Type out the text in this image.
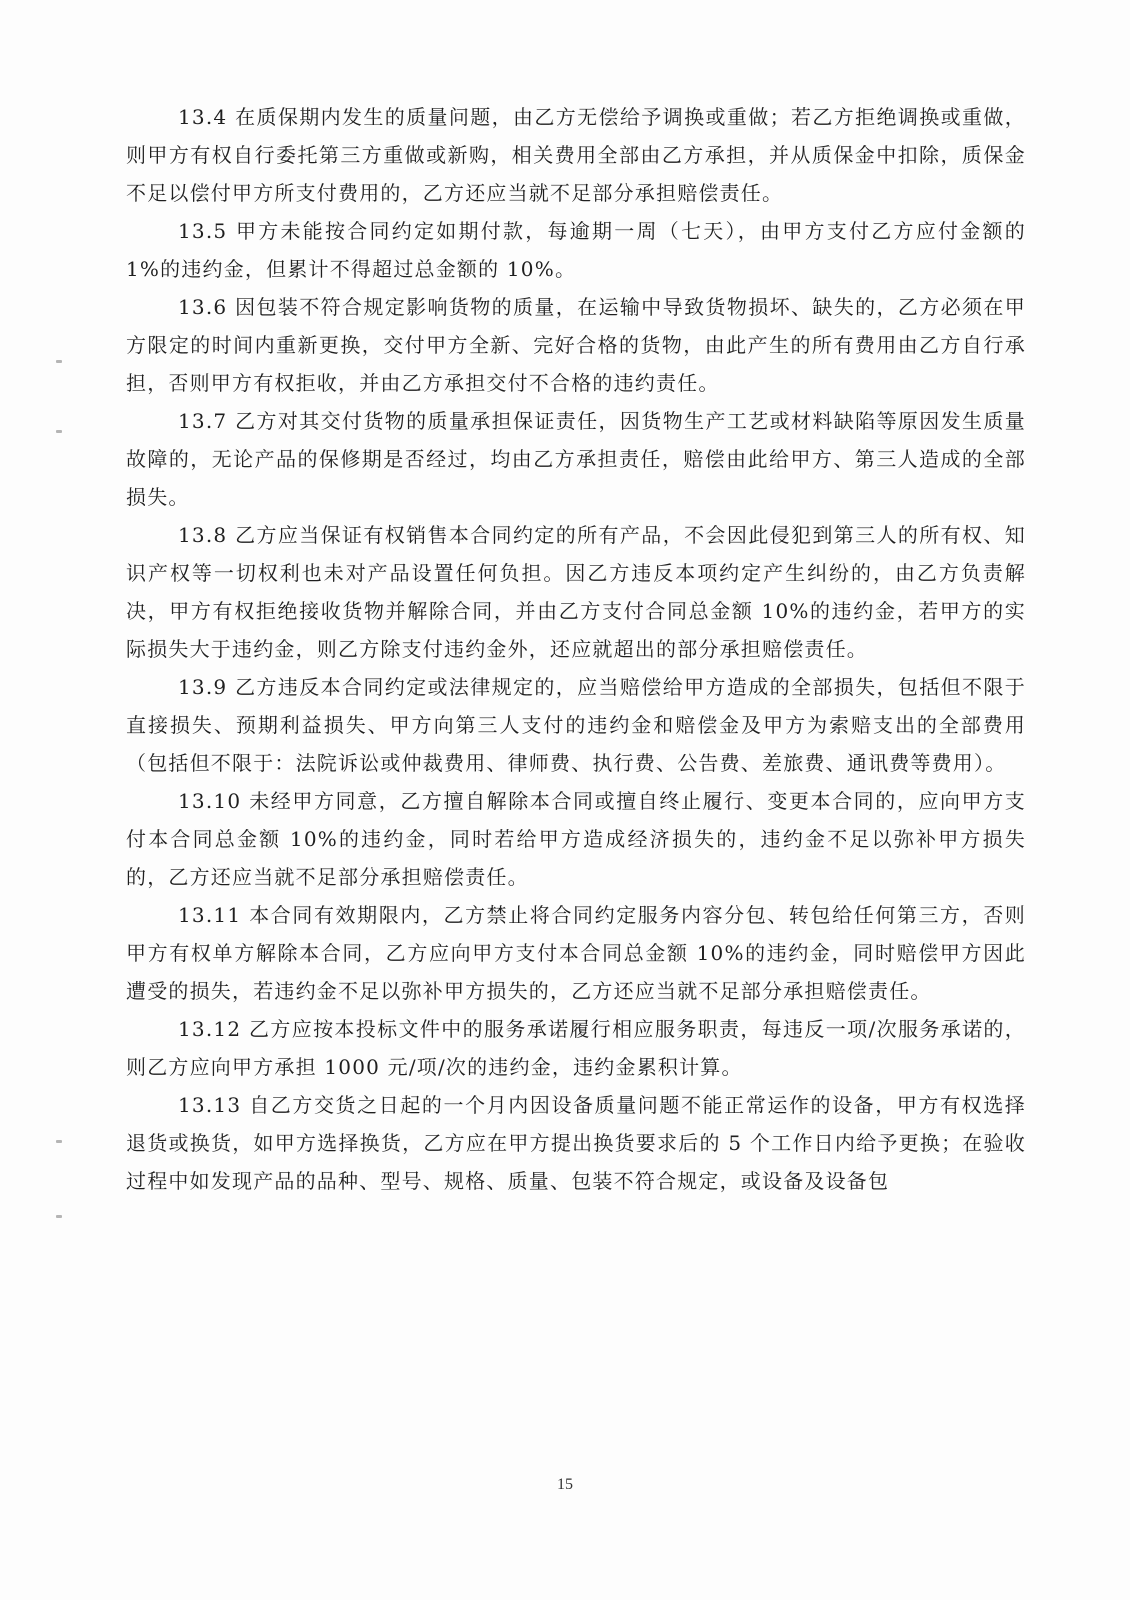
13.4 在质保期内发生的质量问题，由乙方无偿给予调换或重做；若乙方拒绝调换或重做，则甲方有权自行委托第三方重做或新购，相关费用全部由乙方承担，并从质保金中扣除，质保金不足以偿付甲方所支付费用的，乙方还应当就不足部分承担赔偿责任。

13.5 甲方未能按合同约定如期付款，每逾期一周（七天），由甲方支付乙方应付金额的 1%的违约金，但累计不得超过总金额的 10%。

13.6 因包装不符合规定影响货物的质量，在运输中导致货物损坏、缺失的，乙方必须在甲方限定的时间内重新更换，交付甲方全新、完好合格的货物，由此产生的所有费用由乙方自行承担，否则甲方有权拒收，并由乙方承担交付不合格的违约责任。

13.7 乙方对其交付货物的质量承担保证责任，因货物生产工艺或材料缺陷等原因发生质量故障的，无论产品的保修期是否经过，均由乙方承担责任，赔偿由此给甲方、第三人造成的全部损失。

13.8 乙方应当保证有权销售本合同约定的所有产品，不会因此侵犯到第三人的所有权、知识产权等一切权利也未对产品设置任何负担。因乙方违反本项约定产生纠纷的，由乙方负责解决，甲方有权拒绝接收货物并解除合同，并由乙方支付合同总金额 10%的违约金，若甲方的实际损失大于违约金，则乙方除支付违约金外，还应就超出的部分承担赔偿责任。

13.9 乙方违反本合同约定或法律规定的，应当赔偿给甲方造成的全部损失，包括但不限于直接损失、预期利益损失、甲方向第三人支付的违约金和赔偿金及甲方为索赔支出的全部费用（包括但不限于：法院诉讼或仲裁费用、律师费、执行费、公告费、差旅费、通讯费等费用）。

13.10 未经甲方同意，乙方擅自解除本合同或擅自终止履行、变更本合同的，应向甲方支付本合同总金额 10%的违约金，同时若给甲方造成经济损失的，违约金不足以弥补甲方损失的，乙方还应当就不足部分承担赔偿责任。

13.11 本合同有效期限内，乙方禁止将合同约定服务内容分包、转包给任何第三方，否则甲方有权单方解除本合同，乙方应向甲方支付本合同总金额 10%的违约金，同时赔偿甲方因此遭受的损失，若违约金不足以弥补甲方损失的，乙方还应当就不足部分承担赔偿责任。

13.12 乙方应按本投标文件中的服务承诺履行相应服务职责，每违反一项/次服务承诺的，则乙方应向甲方承担 1000 元/项/次的违约金，违约金累积计算。

13.13 自乙方交货之日起的一个月内因设备质量问题不能正常运作的设备，甲方有权选择退货或换货，如甲方选择换货，乙方应在甲方提出换货要求后的 5 个工作日内给予更换；在验收过程中如发现产品的品种、型号、规格、质量、包装不符合规定，或设备及设备包

15
